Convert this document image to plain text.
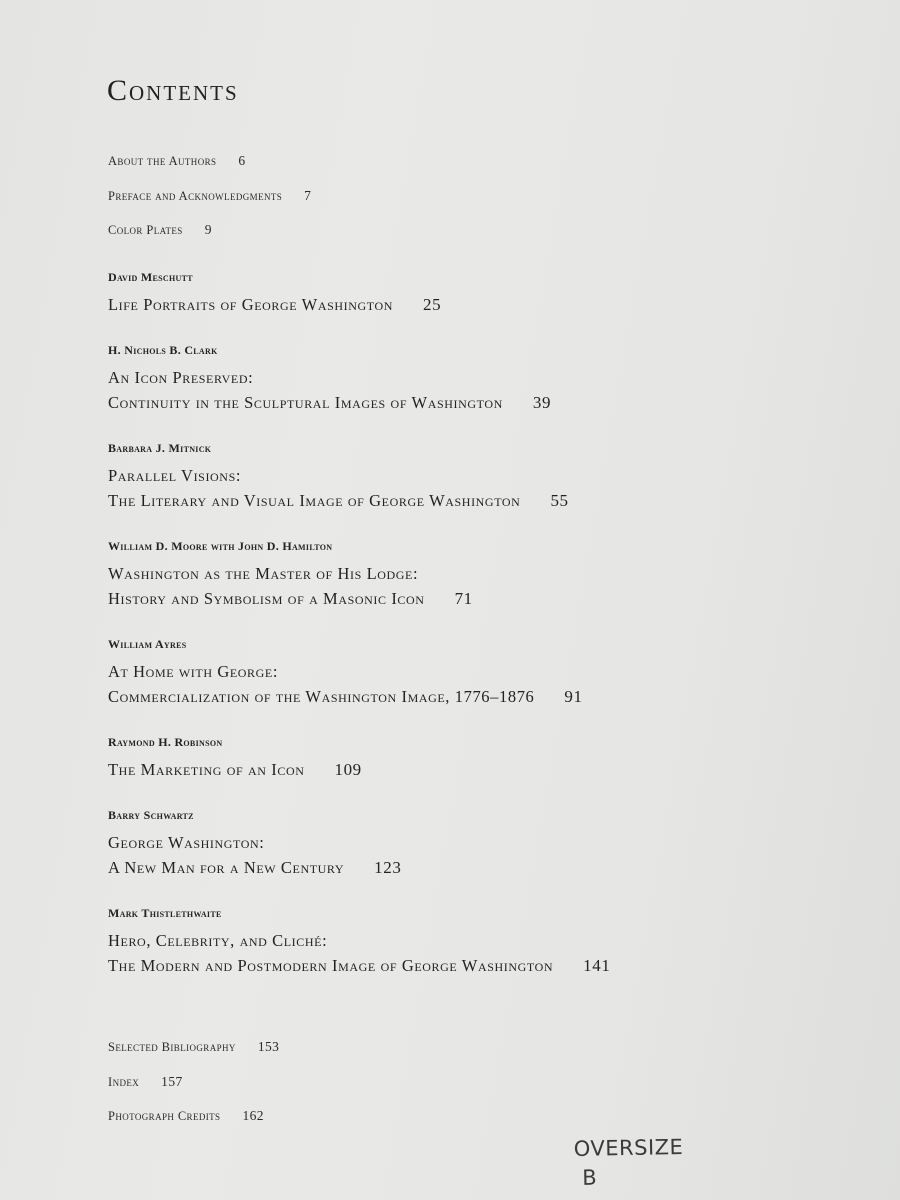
Contents
About the Authors 6
Preface and Acknowledgments 7
Color Plates 9
David Meschutt
Life Portraits of George Washington 25
H. Nichols B. Clark
An Icon Preserved:
Continuity in the Sculptural Images of Washington 39
Barbara J. Mitnick
Parallel Visions:
The Literary and Visual Image of George Washington 55
William D. Moore with John D. Hamilton
Washington as the Master of His Lodge:
History and Symbolism of a Masonic Icon 71
William Ayres
At Home with George:
Commercialization of the Washington Image, 1776–1876 91
Raymond H. Robinson
The Marketing of an Icon 109
Barry Schwartz
George Washington:
A New Man for a New Century 123
Mark Thistlethwaite
Hero, Celebrity, and Cliché:
The Modern and Postmodern Image of George Washington 141
Selected Bibliography 153
Index 157
Photograph Credits 162
OVERSIZE
B
